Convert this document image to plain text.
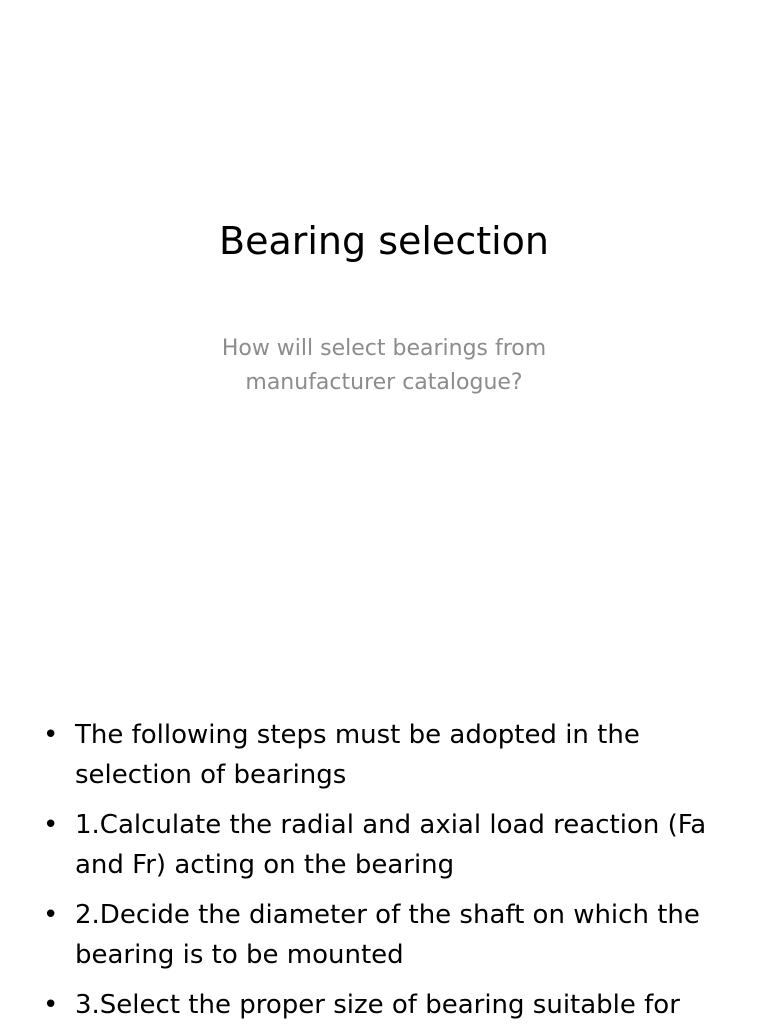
Bearing selection
How will select bearings from manufacturer catalogue?
• The following steps must be adopted in the selection of bearings
• 1.Calculate the radial and axial load reaction (Fa and Fr) acting on the bearing
• 2.Decide the diameter of the shaft on which the bearing is to be mounted
• 3.Select the proper size of bearing suitable for
